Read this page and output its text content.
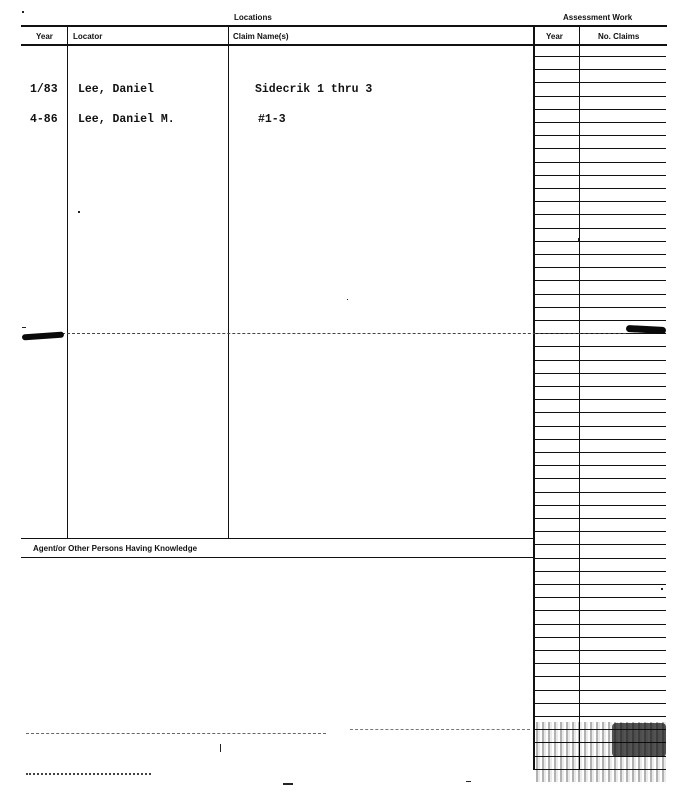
Locations	Assessment Work
Year	Locator	Claim Name(s)	Year	No. Claims
Agent/or Other Persons Having Knowledge
1/83 Lee, Daniel	Sidecrik 1 thru 3
4-86 Lee, Daniel M.	#1-3
